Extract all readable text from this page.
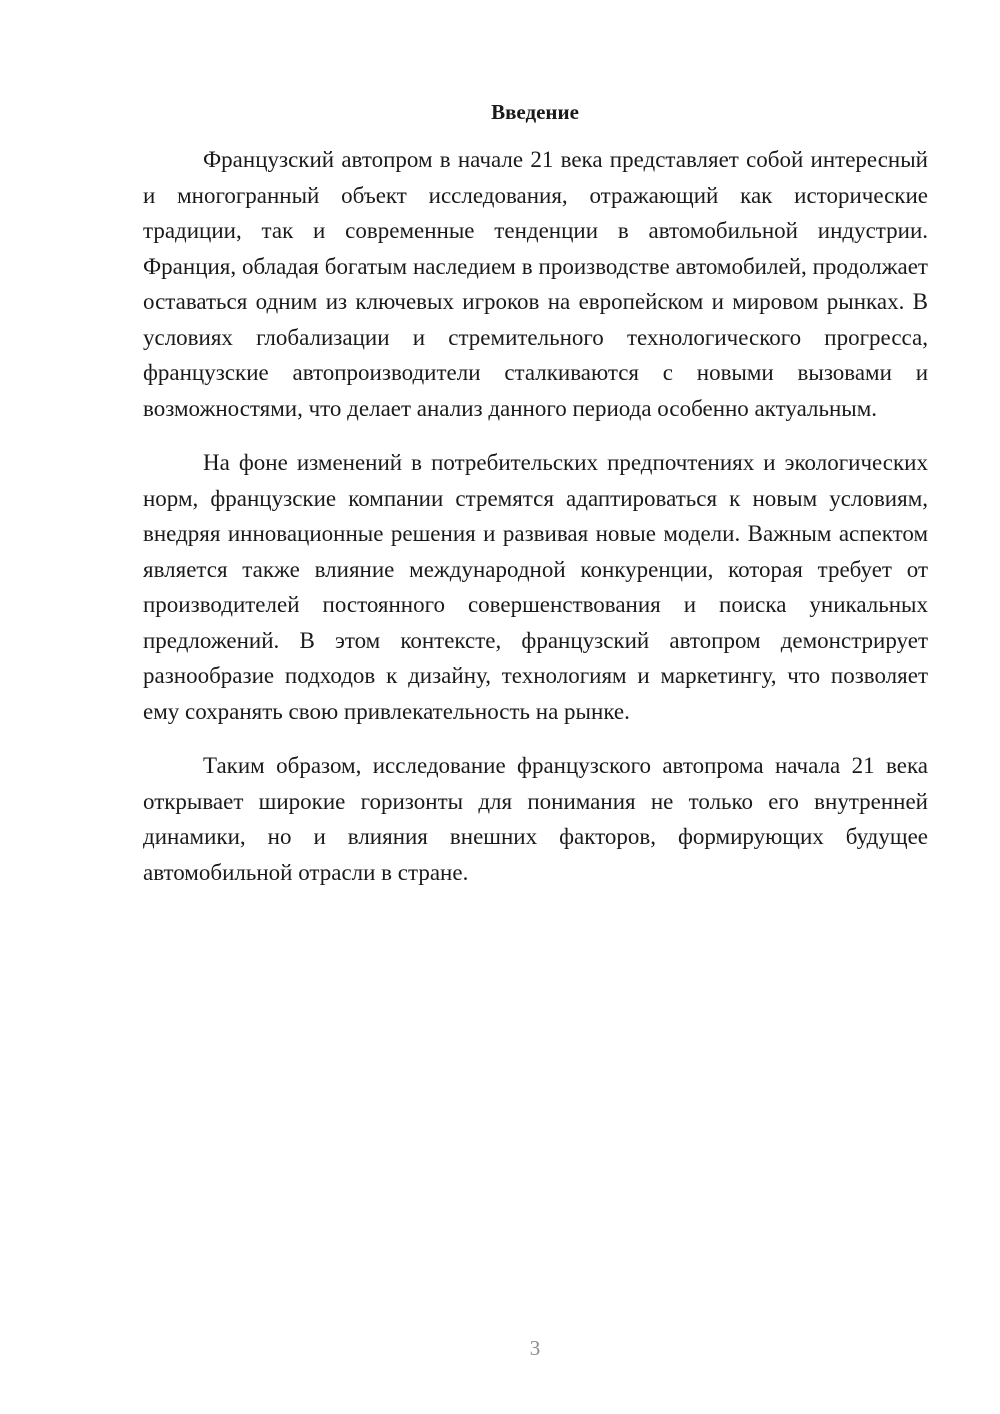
Введение

Французский автопром в начале 21 века представляет собой интересный и многогранный объект исследования, отражающий как исторические традиции, так и современные тенденции в автомобильной индустрии. Франция, обладая богатым наследием в производстве автомобилей, продолжает оставаться одним из ключевых игроков на европейском и мировом рынках. В условиях глобализации и стремительного технологического прогресса, французские автопроизводители сталкиваются с новыми вызовами и возможностями, что делает анализ данного периода особенно актуальным.

На фоне изменений в потребительских предпочтениях и экологических норм, французские компании стремятся адаптироваться к новым условиям, внедряя инновационные решения и развивая новые модели. Важным аспектом является также влияние международной конкуренции, которая требует от производителей постоянного совершенствования и поиска уникальных предложений. В этом контексте, французский автопром демонстрирует разнообразие подходов к дизайну, технологиям и маркетингу, что позволяет ему сохранять свою привлекательность на рынке.

Таким образом, исследование французского автопрома начала 21 века открывает широкие горизонты для понимания не только его внутренней динамики, но и влияния внешних факторов, формирующих будущее автомобильной отрасли в стране.

3
